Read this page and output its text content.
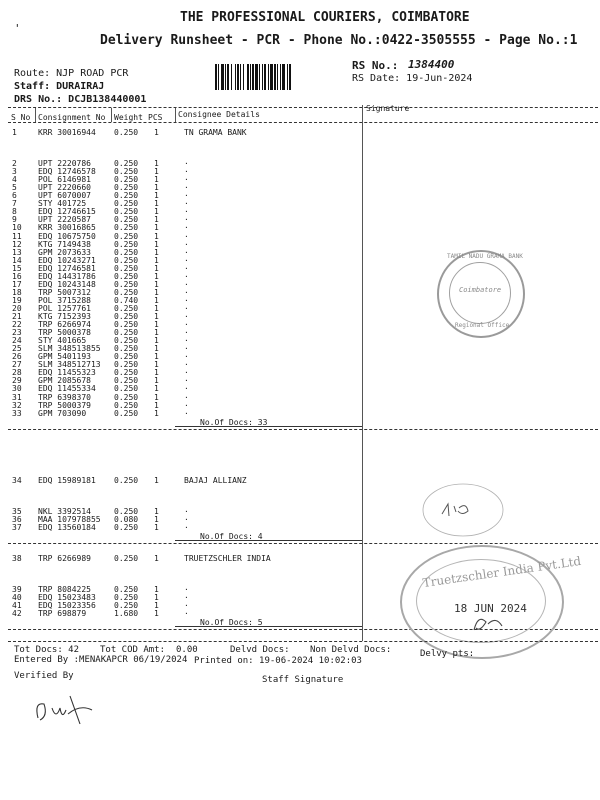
'
THE PROFESSIONAL COURIERS, COIMBATORE
Delivery Runsheet - PCR - Phone No.:0422-3505555 - Page No.:1
Route: NJP ROAD PCR
Staff: DURAIRAJ
DRS No.: DCJB138440001
RS No.: 1384400
RS Date: 19-Jun-2024
S No Consignment No Weight PCS Consignee Details
Signature
1	KRR 30016944 0.250 1	TN GRAMA BANK
2	UPT 2220786	0.250 1	.
3	EDQ 12746578 0.250 1	.
4	POL 6146981	0.250 1	.
5	UPT 2220660	0.250 1	.
6	UPT 6070007	0.250 1	.
7	STY 401725	0.250 1	.
8	EDQ 12746615 0.250 1	.
9	UPT 2220587	0.250 1	.
10 KRR 30016865 0.250 1	.
11 EDQ 10675750 0.250 1	.
12 KTG 7149438	0.250 1	.
13 GPM 2073633	0.250 1	.
14 EDQ 10243271 0.250 1	.
15 EDQ 12746581 0.250 1	.
16 EDQ 14431786 0.250 1	.
17 EDQ 10243148 0.250 1	.
18 TRP 5007312	0.250 1	.
19 POL 3715288	0.740 1	.
20 POL 1257761	0.250 1	.
21 KTG 7152393	0.250 1	.
22 TRP 6266974	0.250 1	.
23 TRP 5000378	0.250 1	.
24 STY 401665	0.250 1	.
25 SLM 348513855 0.250 1	.
26 GPM 5401193	0.250 1	.
27 SLM 348512713 0.250 1	.
28 EDQ 11455323 0.250 1	.
29 GPM 2085678	0.250 1	.
30 EDQ 11455334 0.250 1	.
31 TRP 6398370	0.250 1	.
32 TRP 5000379	0.250 1	.
33 GPM 703090	0.250 1	.
No.Of Docs: 33
34 EDQ 15989181 0.250 1	BAJAJ ALLIANZ
35 NKL 3392514	0.250 1	.
36 MAA 107978855 0.080 1	.
37 EDQ 13560184 0.250 1	.
No.Of Docs: 4
38 TRP 6266989	0.250 1	TRUETZSCHLER INDIA
39 TRP 8084225	0.250 1	.
40 EDQ 15023483 0.250 1	.
41 EDQ 15023356 0.250 1	.
42 TRP 698879	1.680 1	.
No.Of Docs: 5
TAMIL NADU GRAMA BANK
Coimbatore
Regional Office
Truetzschler India Pvt.Ltd
18 JUN 2024
Tot Docs: 42 Tot COD Amt: 0.00	Delvd Docs: Non Delvd Docs:	Delvy pts:
Entered By :MENAKAPCR 06/19/2024 Printed on: 19-06-2024 10:02:03
Verified By	Staff Signature
